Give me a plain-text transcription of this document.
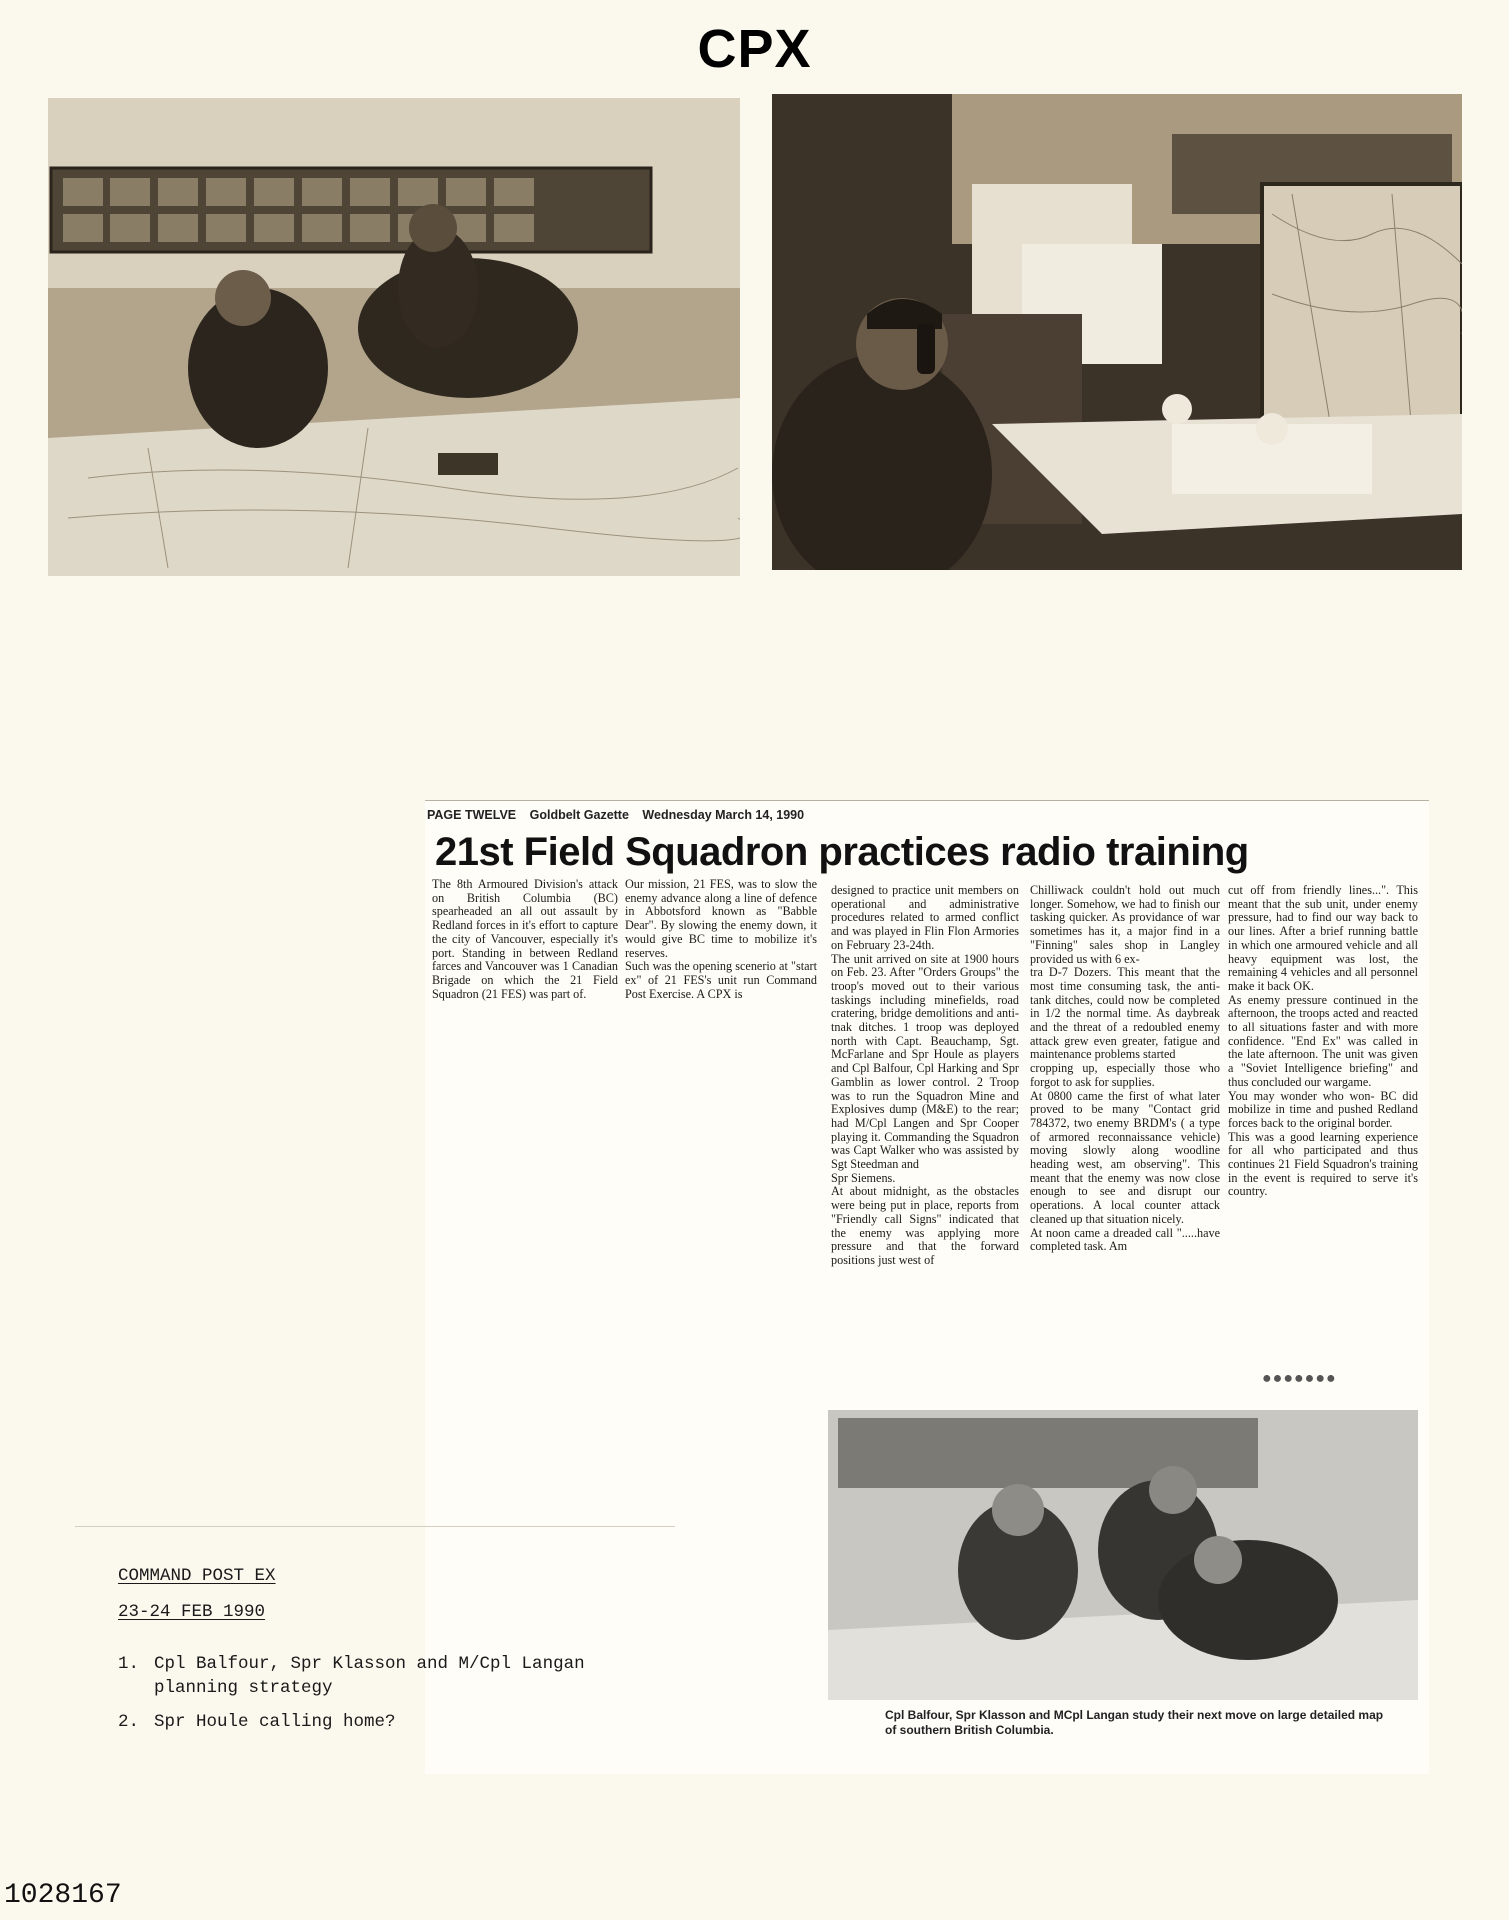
CPX
PAGE TWELVE Goldbelt Gazette Wednesday March 14, 1990
21st Field Squadron practices radio training
The 8th Armoured Division's attack on British Columbia (BC) spearheaded an all out assault by Redland forces in it's effort to capture the city of Vancouver, especially it's port. Standing in between Redland farces and Vancouver was 1 Canadian Brigade on which the 21 Field Squadron (21 FES) was part of.
Our mission, 21 FES, was to slow the enemy advance along a line of defence in Abbotsford known as "Babble Dear". By slowing the enemy down, it would give BC time to mobilize it's reserves.
Such was the opening scenerio at "start ex" of 21 FES's unit run Command Post Exercise. A CPX is
designed to practice unit members on operational and administrative procedures related to armed conflict and was played in Flin Flon Armories on February 23-24th.
The unit arrived on site at 1900 hours on Feb. 23. After "Orders Groups" the troop's moved out to their various taskings including minefields, road cratering, bridge demolitions and anti-tnak ditches. 1 troop was deployed north with Capt. Beauchamp, Sgt. McFarlane and Spr Houle as players and Cpl Balfour, Cpl Harking and Spr Gamblin as lower control. 2 Troop was to run the Squadron Mine and Explosives dump (M&E) to the rear; had M/Cpl Langen and Spr Cooper playing it. Commanding the Squadron was Capt Walker who was assisted by Sgt Steedman and
Spr Siemens.
At about midnight, as the obstacles were being put in place, reports from "Friendly call Signs" indicated that the enemy was applying more pressure and that the forward positions just west of
Chilliwack couldn't hold out much longer. Somehow, we had to finish our tasking quicker. As providance of war sometimes has it, a major find in a "Finning" sales shop in Langley provided us with 6 ex-
tra D-7 Dozers. This meant that the most time consuming task, the anti-tank ditches, could now be completed in 1/2 the normal time. As daybreak and the threat of a redoubled enemy attack grew even greater, fatigue and maintenance problems started
cropping up, especially those who forgot to ask for supplies.
At 0800 came the first of what later proved to be many "Contact grid 784372, two enemy BRDM's ( a type of armored reconnaissance vehicle) moving slowly along woodline heading west, am observing". This meant that the enemy was now close enough to see and disrupt our operations. A local counter attack cleaned up that situation nicely.
At noon came a dreaded call ".....have completed task. Am
cut off from friendly lines...". This meant that the sub unit, under enemy pressure, had to find our way back to our lines. After a brief running battle in which one armoured vehicle and all heavy equipment was lost, the remaining 4 vehicles and all personnel make it back OK.
As enemy pressure continued in the afternoon, the troops acted and reacted to all situations faster and with more confidence. "End Ex" was called in the late afternoon. The unit was given a "Soviet Intelligence briefing" and thus concluded our wargame.
You may wonder who won- BC did mobilize in time and pushed Redland forces back to the original border.
This was a good learning experience for all who participated and thus continues 21 Field Squadron's training in the event is required to serve it's country.
●●●●●●●
Cpl Balfour, Spr Klasson and MCpl Langan study their next move on large detailed map of southern British Columbia.
COMMAND POST EX
23-24 FEB 1990
1. Cpl Balfour, Spr Klasson and M/Cpl Langan planning strategy
2. Spr Houle calling home?
1028167
